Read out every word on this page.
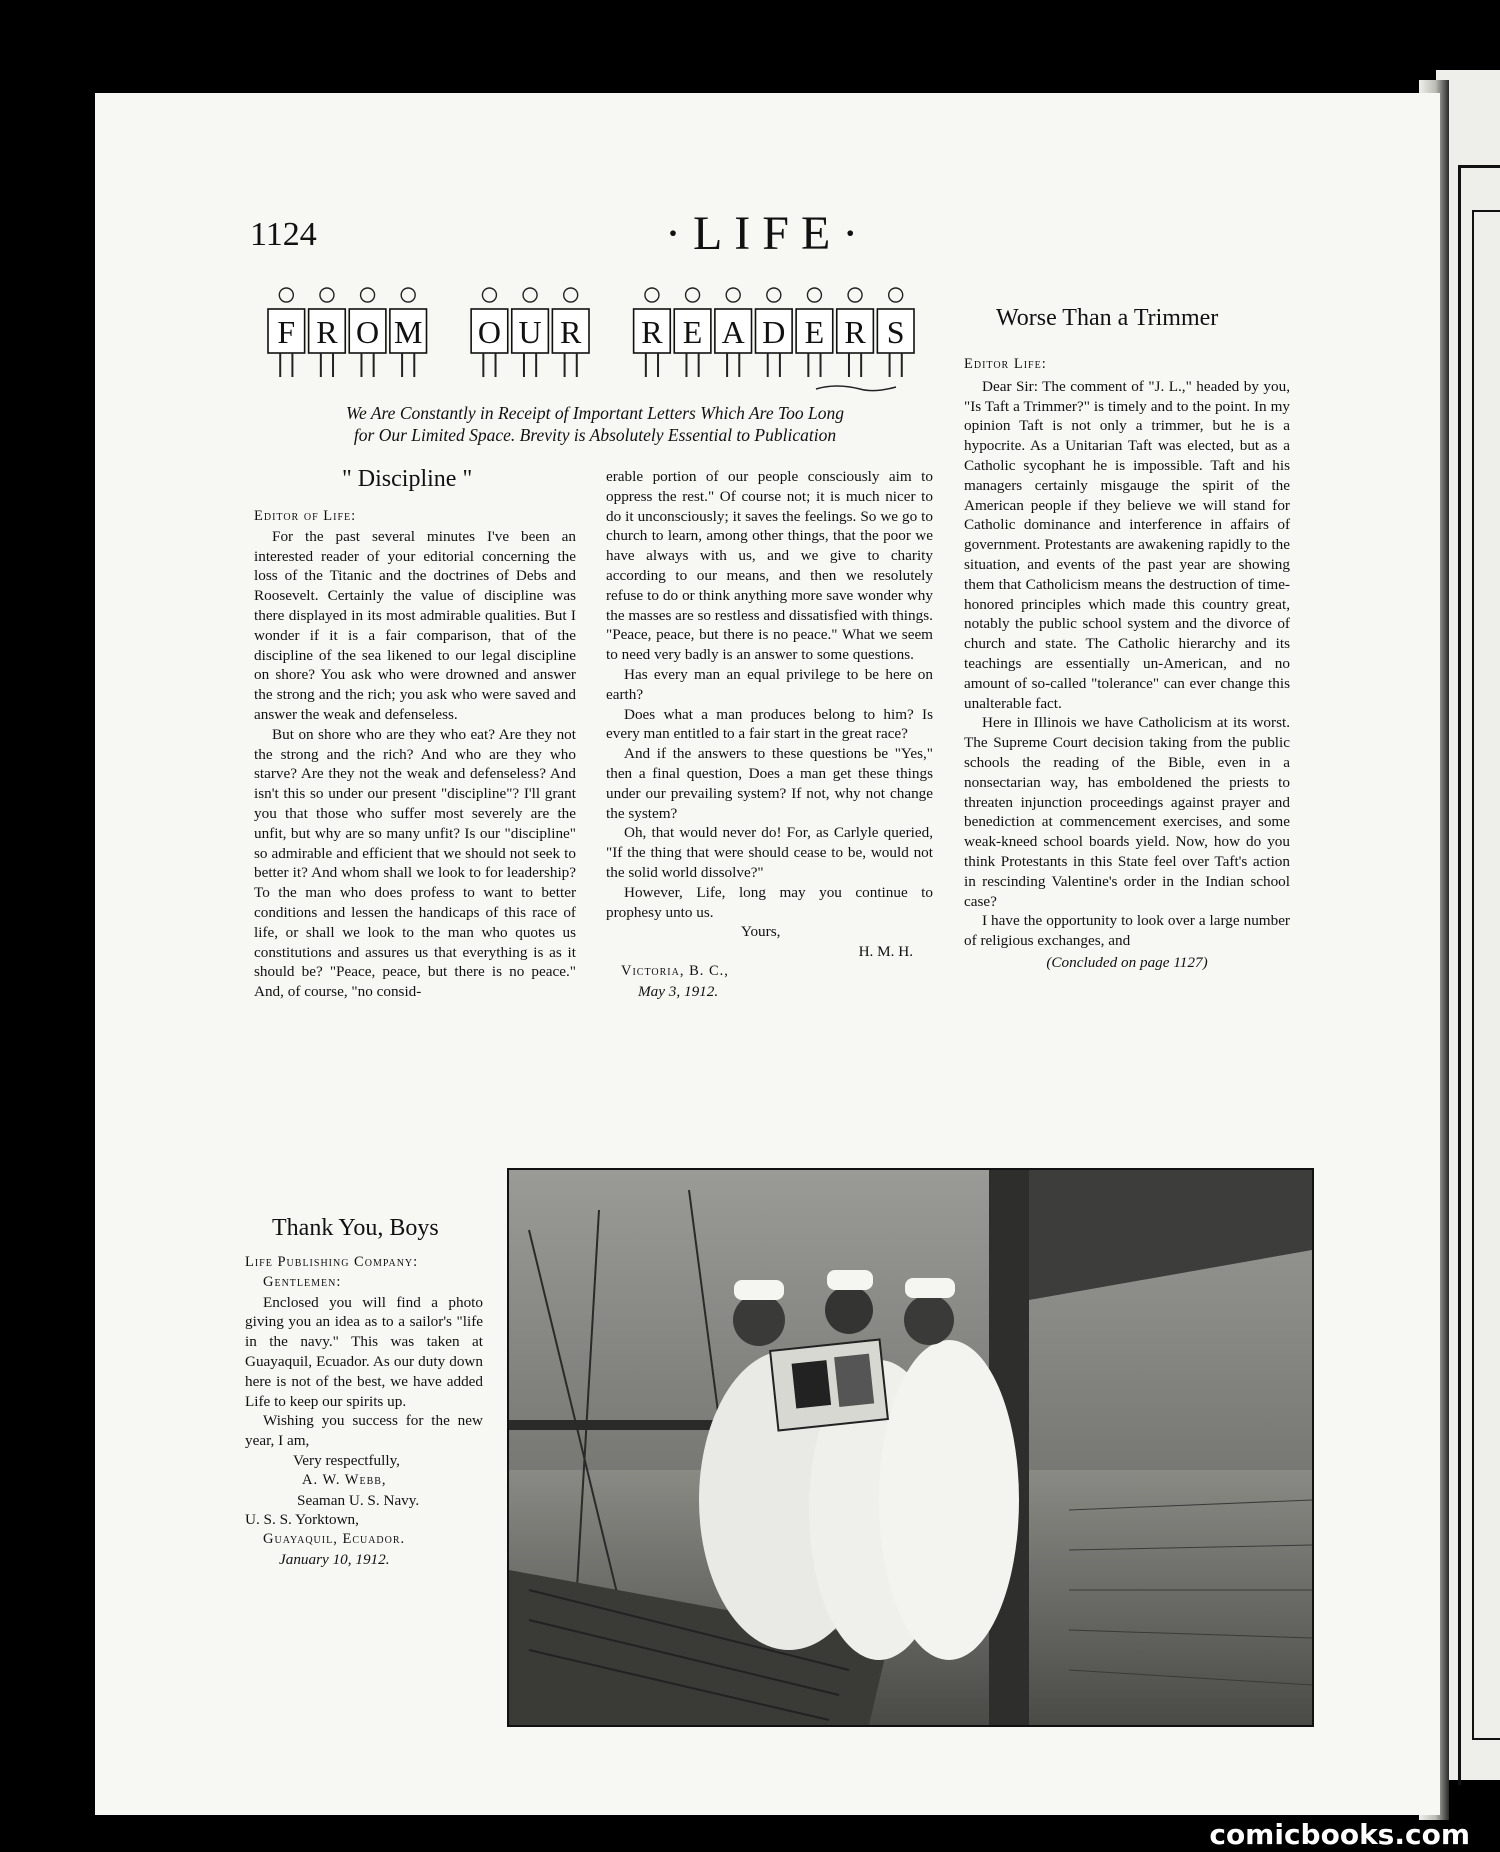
1124	·LIFE·
F R O M O U R R E A D E R S
We Are Constantly in Receipt of Important Letters Which Are Too Long
for Our Limited Space. Brevity is Absolutely Essential to Publication
" Discipline "

Editor of Life:

For the past several minutes I've been an interested reader of your editorial concerning the loss of the Titanic and the doctrines of Debs and Roosevelt. Certainly the value of discipline was there displayed in its most admirable qualities. But I wonder if it is a fair comparison, that of the discipline of the sea likened to our legal discipline on shore? You ask who were drowned and answer the strong and the rich; you ask who were saved and answer the weak and defenseless.

But on shore who are they who eat? Are they not the strong and the rich? And who are they who starve? Are they not the weak and defenseless? And isn't this so under our present "discipline"? I'll grant you that those who suffer most severely are the unfit, but why are so many unfit? Is our "discipline" so admirable and efficient that we should not seek to better it? And whom shall we look to for leadership? To the man who does profess to want to better conditions and lessen the handicaps of this race of life, or shall we look to the man who quotes us constitutions and assures us that everything is as it should be? "Peace, peace, but there is no peace." And, of course, "no consid-

erable portion of our people consciously aim to oppress the rest." Of course not; it is much nicer to do it unconsciously; it saves the feelings. So we go to church to learn, among other things, that the poor we have always with us, and we give to charity according to our means, and then we resolutely refuse to do or think anything more save wonder why the masses are so restless and dissatisfied with things.

"Peace, peace, but there is no peace." What we seem to need very badly is an answer to some questions.

Has every man an equal privilege to be here on earth?

Does what a man produces belong to him? Is every man entitled to a fair start in the great race?

And if the answers to these questions be "Yes," then a final question, Does a man get these things under our prevailing system? If not, why not change the system?

Oh, that would never do! For, as Carlyle queried, "If the thing that were should cease to be, would not the solid world dissolve?"

However, Life, long may you continue to prophesy unto us.

Yours,
H. M. H.
Victoria, B. C.,
May 3, 1912.
Worse Than a Trimmer

Editor Life:

Dear Sir: The comment of "J. L.," headed by you, "Is Taft a Trimmer?" is timely and to the point. In my opinion Taft is not only a trimmer, but he is a hypocrite. As a Unitarian Taft was elected, but as a Catholic sycophant he is impossible. Taft and his managers certainly misgauge the spirit of the American people if they believe we will stand for Catholic dominance and interference in affairs of government. Protestants are awakening rapidly to the situation, and events of the past year are showing them that Catholicism means the destruction of time-honored principles which made this country great, notably the public school system and the divorce of church and state. The Catholic hierarchy and its teachings are essentially un-American, and no amount of so-called "tolerance" can ever change this unalterable fact.

Here in Illinois we have Catholicism at its worst. The Supreme Court decision taking from the public schools the reading of the Bible, even in a nonsectarian way, has emboldened the priests to threaten injunction proceedings against prayer and benediction at commencement exercises, and some weak-kneed school boards yield. Now, how do you think Protestants in this State feel over Taft's action in rescinding Valentine's order in the Indian school case?

I have the opportunity to look over a large number of religious exchanges, and

(Concluded on page 1127)
Thank You, Boys

Life Publishing Company:

Gentlemen:

Enclosed you will find a photo giving you an idea as to a sailor's "life in the navy." This was taken at Guayaquil, Ecuador. As our duty down here is not of the best, we have added Life to keep our spirits up.

Wishing you success for the new year, I am,

Very respectfully,
A. W. Webb,
Seaman U. S. Navy.
U. S. S. Yorktown,
Guayaquil, Ecuador.
January 10, 1912.
comicbooks.com
